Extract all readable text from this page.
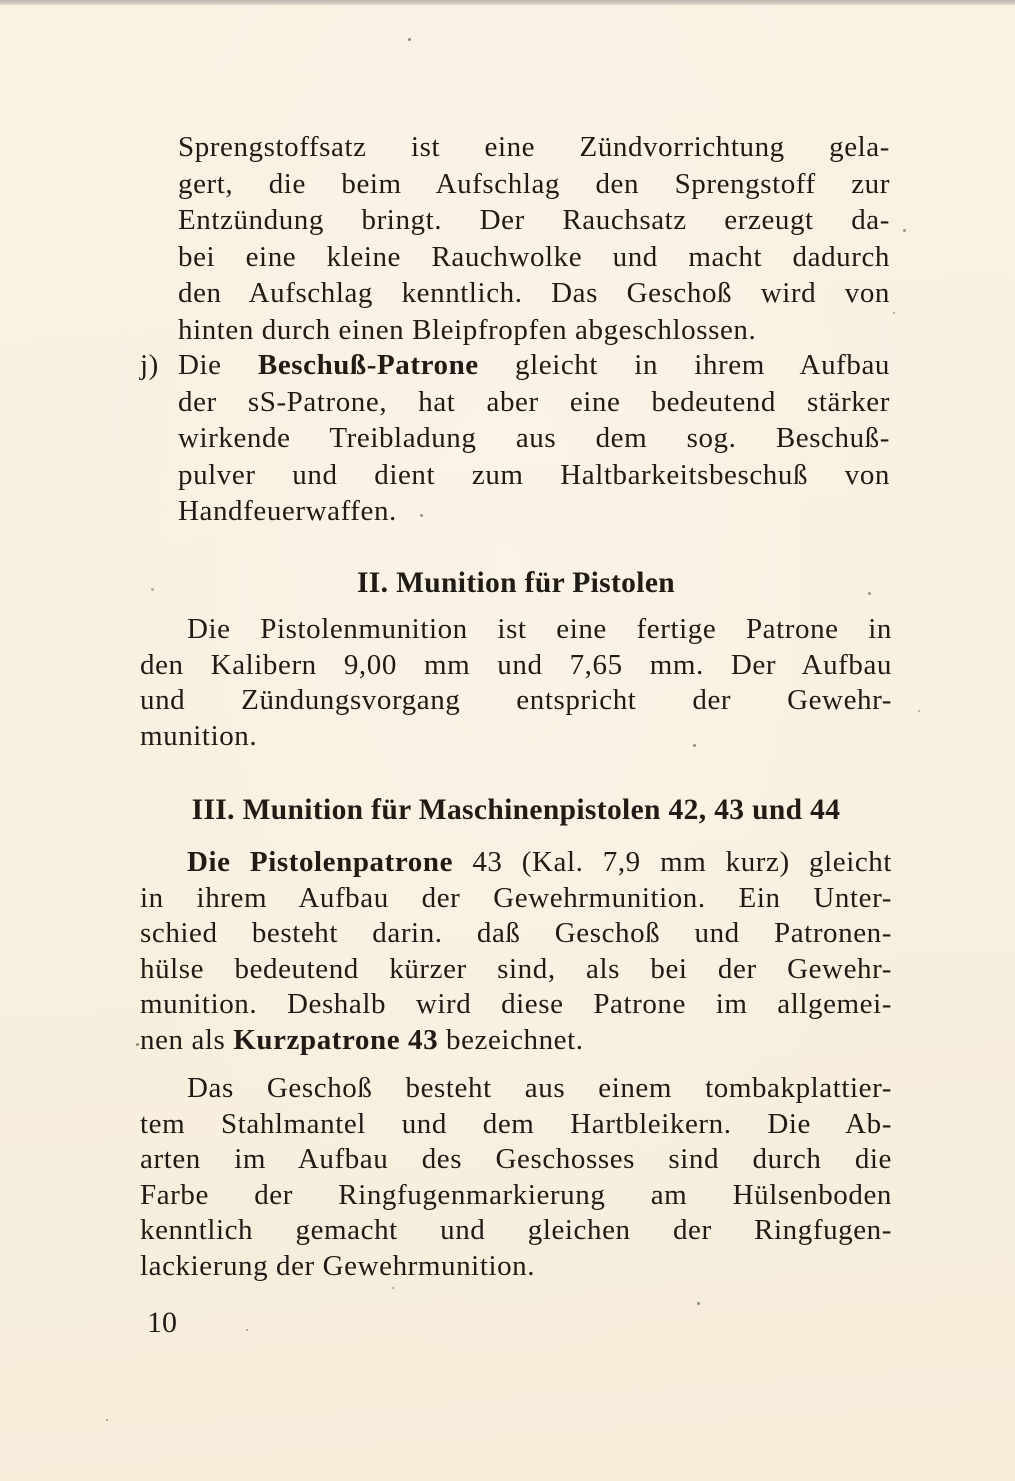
Sprengstoffsatz ist eine Zündvorrichtung gela-
gert, die beim Aufschlag den Sprengstoff zur
Entzündung bringt. Der Rauchsatz erzeugt da-
bei eine kleine Rauchwolke und macht dadurch
den Aufschlag kenntlich. Das Geschoß wird von
hinten durch einen Bleipfropfen abgeschlossen.
j) Die Beschuß-Patrone gleicht in ihrem Aufbau
der sS-Patrone, hat aber eine bedeutend stärker
wirkende Treibladung aus dem sog. Beschuß-
pulver und dient zum Haltbarkeitsbeschuß von
Handfeuerwaffen.
II. Munition für Pistolen
Die Pistolenmunition ist eine fertige Patrone in
den Kalibern 9,00 mm und 7,65 mm. Der Aufbau
und Zündungsvorgang entspricht der Gewehr-
munition.
III. Munition für Maschinenpistolen 42, 43 und 44
Die Pistolenpatrone 43 (Kal. 7,9 mm kurz) gleicht
in ihrem Aufbau der Gewehrmunition. Ein Unter-
schied besteht darin. daß Geschoß und Patronen-
hülse bedeutend kürzer sind, als bei der Gewehr-
munition. Deshalb wird diese Patrone im allgemei-
nen als Kurzpatrone 43 bezeichnet.
Das Geschoß besteht aus einem tombakplattier-
tem Stahlmantel und dem Hartbleikern. Die Ab-
arten im Aufbau des Geschosses sind durch die
Farbe der Ringfugenmarkierung am Hülsenboden
kenntlich gemacht und gleichen der Ringfugen-
lackierung der Gewehrmunition.
10
